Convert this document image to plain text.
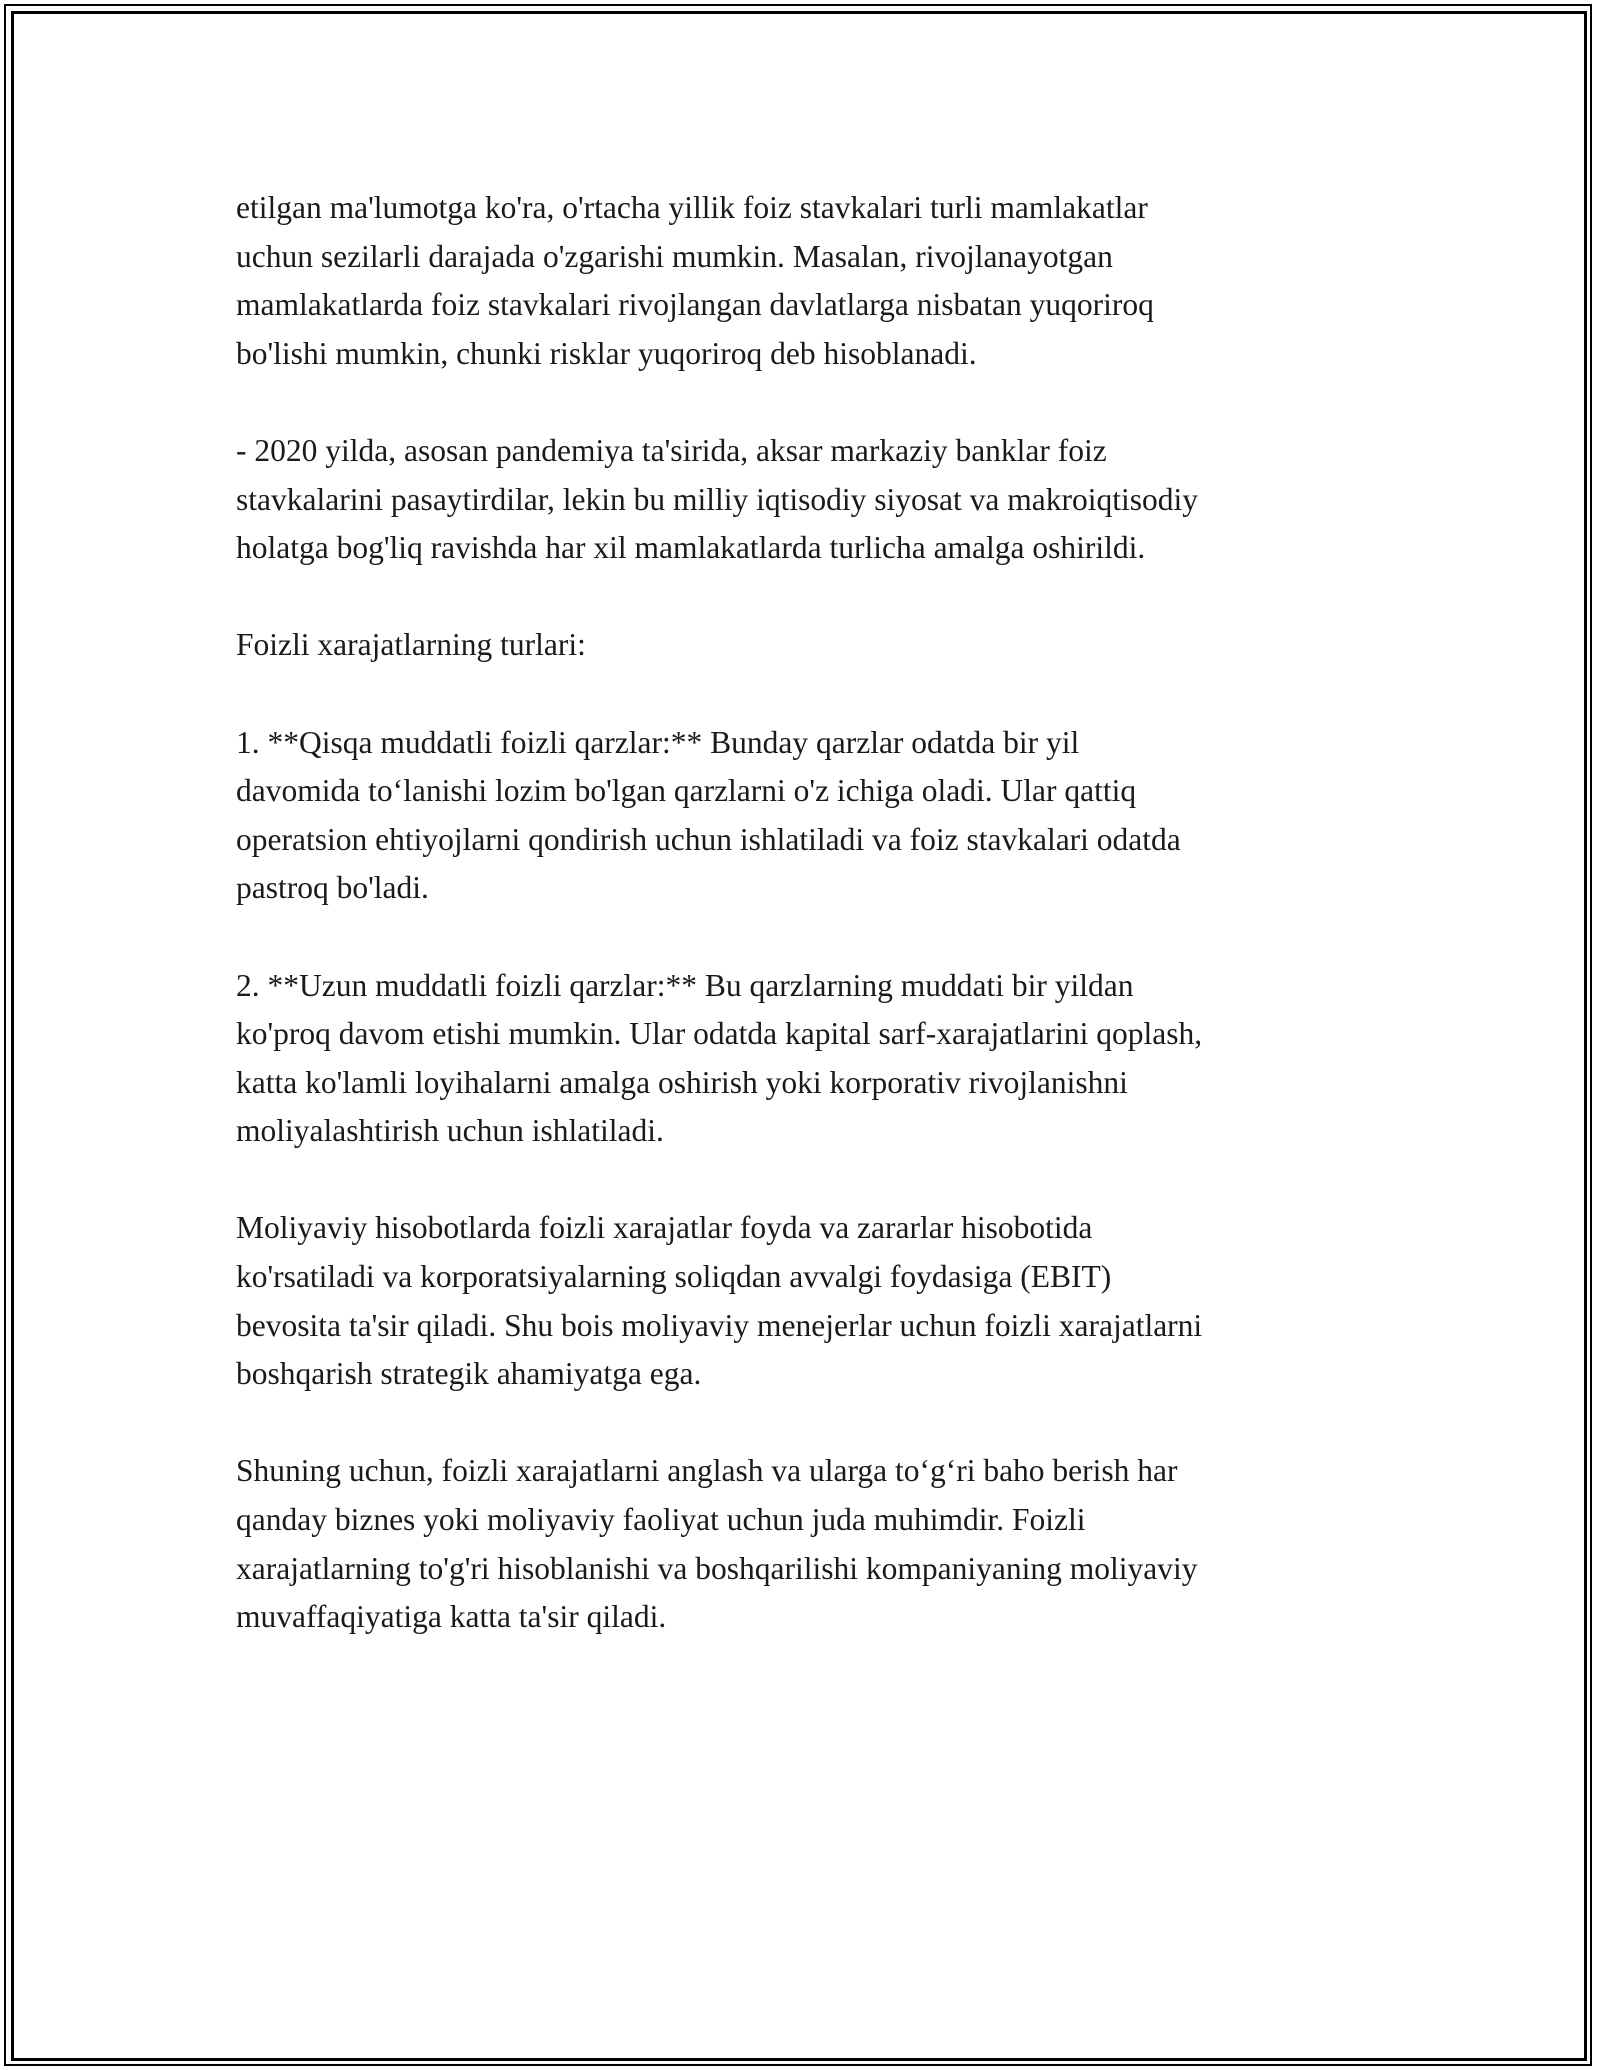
etilgan ma'lumotga ko'ra, o'rtacha yillik foiz stavkalari turli mamlakatlar
uchun sezilarli darajada o'zgarishi mumkin. Masalan, rivojlanayotgan
mamlakatlarda foiz stavkalari rivojlangan davlatlarga nisbatan yuqoriroq
bo'lishi mumkin, chunki risklar yuqoriroq deb hisoblanadi.

- 2020 yilda, asosan pandemiya ta'sirida, aksar markaziy banklar foiz
stavkalarini pasaytirdilar, lekin bu milliy iqtisodiy siyosat va makroiqtisodiy
holatga bog'liq ravishda har xil mamlakatlarda turlicha amalga oshirildi.

Foizli xarajatlarning turlari:

1. **Qisqa muddatli foizli qarzlar:** Bunday qarzlar odatda bir yil
davomida to‘lanishi lozim bo'lgan qarzlarni o'z ichiga oladi. Ular qattiq
operatsion ehtiyojlarni qondirish uchun ishlatiladi va foiz stavkalari odatda
pastroq bo'ladi.

2. **Uzun muddatli foizli qarzlar:** Bu qarzlarning muddati bir yildan
ko'proq davom etishi mumkin. Ular odatda kapital sarf-xarajatlarini qoplash,
katta ko'lamli loyihalarni amalga oshirish yoki korporativ rivojlanishni
moliyalashtirish uchun ishlatiladi.

Moliyaviy hisobotlarda foizli xarajatlar foyda va zararlar hisobotida
ko'rsatiladi va korporatsiyalarning soliqdan avvalgi foydasiga (EBIT)
bevosita ta'sir qiladi. Shu bois moliyaviy menejerlar uchun foizli xarajatlarni
boshqarish strategik ahamiyatga ega.

Shuning uchun, foizli xarajatlarni anglash va ularga to‘g‘ri baho berish har
qanday biznes yoki moliyaviy faoliyat uchun juda muhimdir. Foizli
xarajatlarning to'g'ri hisoblanishi va boshqarilishi kompaniyaning moliyaviy
muvaffaqiyatiga katta ta'sir qiladi.
